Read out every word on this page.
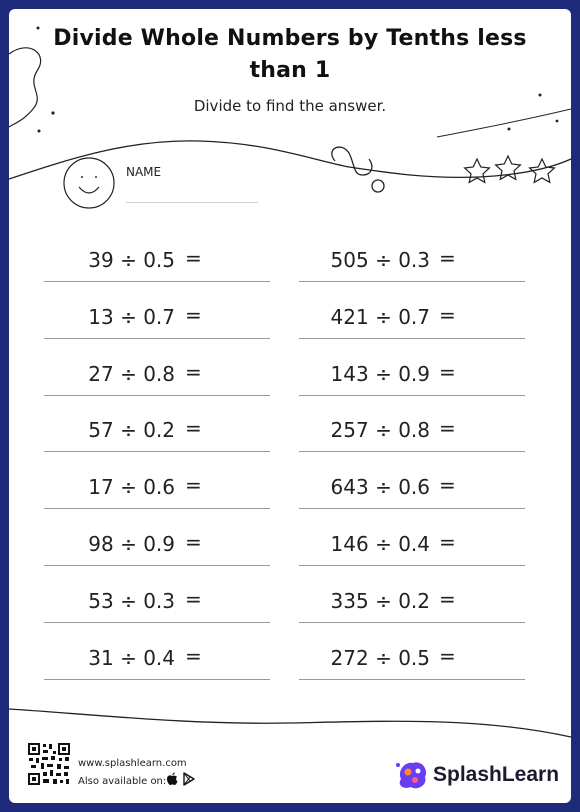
Divide Whole Numbers by Tenths less than 1
Divide to find the answer.
NAME
39 ÷ 0.5 =
13 ÷ 0.7 =
27 ÷ 0.8 =
57 ÷ 0.2 =
17 ÷ 0.6 =
98 ÷ 0.9 =
53 ÷ 0.3 =
31 ÷ 0.4 =
505 ÷ 0.3 =
421 ÷ 0.7 =
143 ÷ 0.9 =
257 ÷ 0.8 =
643 ÷ 0.6 =
146 ÷ 0.4 =
335 ÷ 0.2 =
272 ÷ 0.5 =
www.splashlearn.com
Also available on:	SplashLearn
